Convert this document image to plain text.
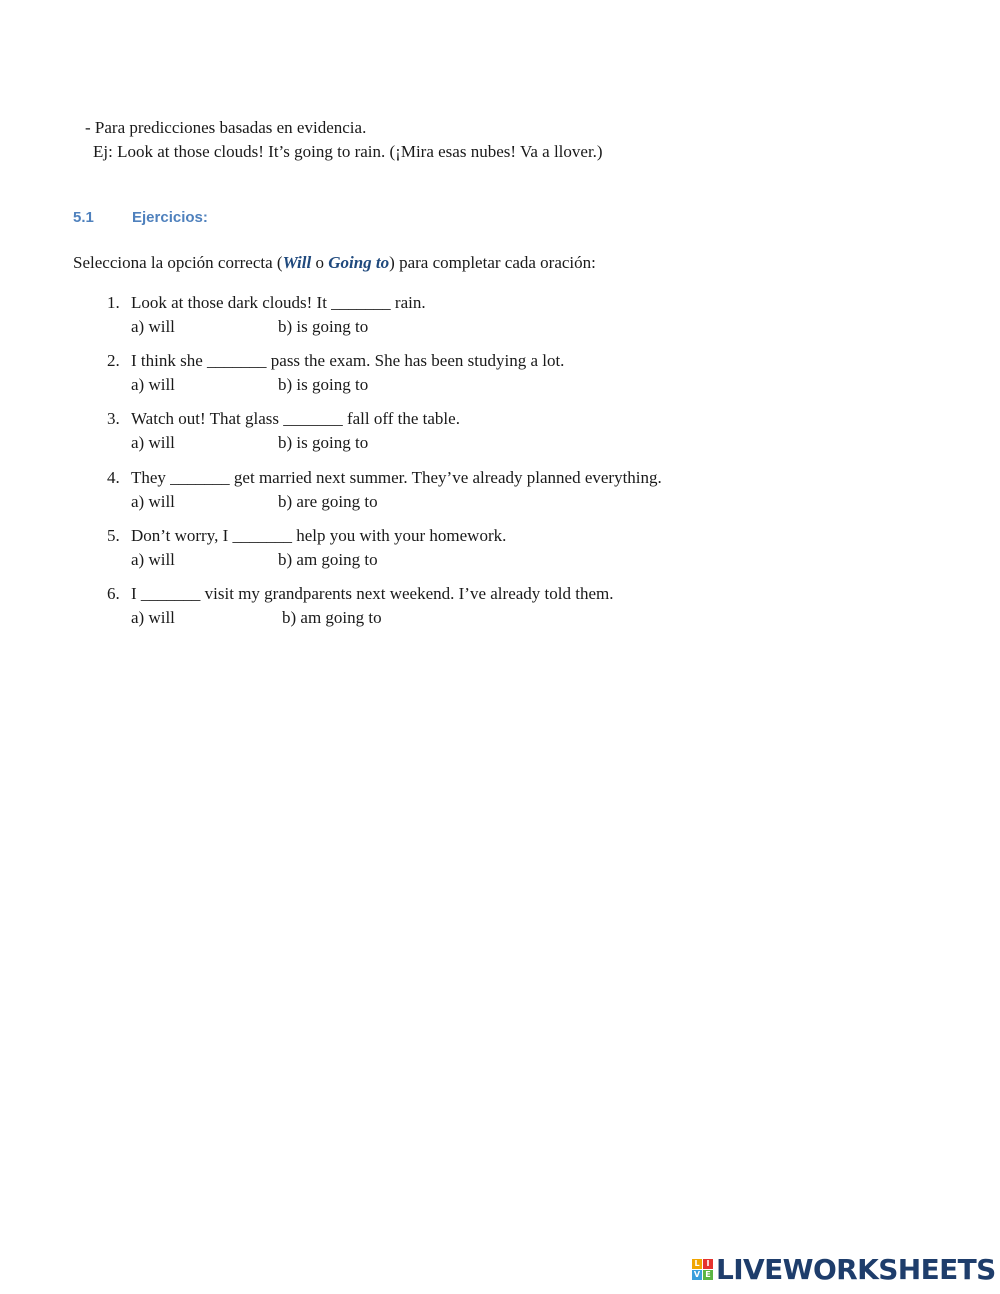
- Para predicciones basadas en evidencia.
Ej: Look at those clouds! It’s going to rain. (¡Mira esas nubes! Va a llover.)
5.1	Ejercicios:
Selecciona la opción correcta (Will o Going to) para completar cada oración:
1. Look at those dark clouds! It _______ rain.
a) will	b) is going to
2. I think she _______ pass the exam. She has been studying a lot.
a) will	b) is going to
3. Watch out! That glass _______ fall off the table.
a) will	b) is going to
4. They _______ get married next summer. They’ve already planned everything.
a) will	b) are going to
5. Don’t worry, I _______ help you with your homework.
a) will	b) am going to
6. I _______ visit my grandparents next weekend. I’ve already told them.
a) will	b) am going to
L I
V E LIVEWORKSHEETS
